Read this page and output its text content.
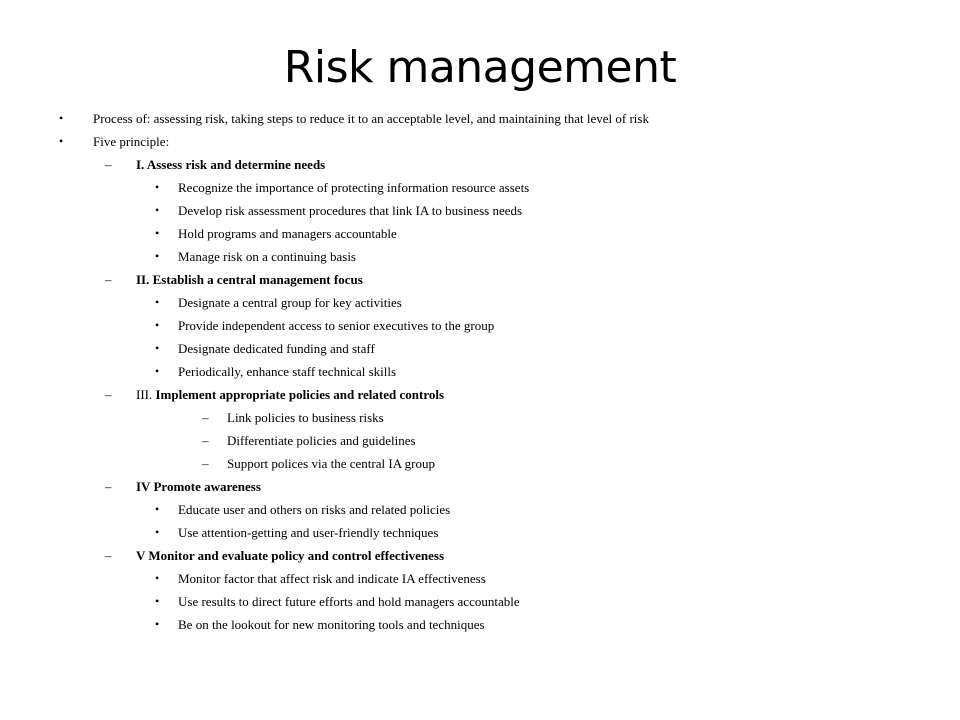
Risk management
• Process of: assessing risk, taking steps to reduce it to an acceptable level, and maintaining that level of risk
• Five principle:
– I. Assess risk and determine needs
• Recognize the importance of protecting information resource assets
• Develop risk assessment procedures that link IA to business needs
• Hold programs and managers accountable
• Manage risk on a continuing basis
– II. Establish a central management focus
• Designate a central group for key activities
• Provide independent access to senior executives to the group
• Designate dedicated funding and staff
• Periodically, enhance staff technical skills
– III. Implement appropriate policies and related controls
– Link policies to business risks
– Differentiate policies and guidelines
– Support polices via the central IA group
– IV Promote awareness
• Educate user and others on risks and related policies
• Use attention-getting and user-friendly techniques
– V Monitor and evaluate policy and control effectiveness
• Monitor factor that affect risk and indicate IA effectiveness
• Use results to direct future efforts and hold managers accountable
• Be on the lookout for new monitoring tools and techniques
